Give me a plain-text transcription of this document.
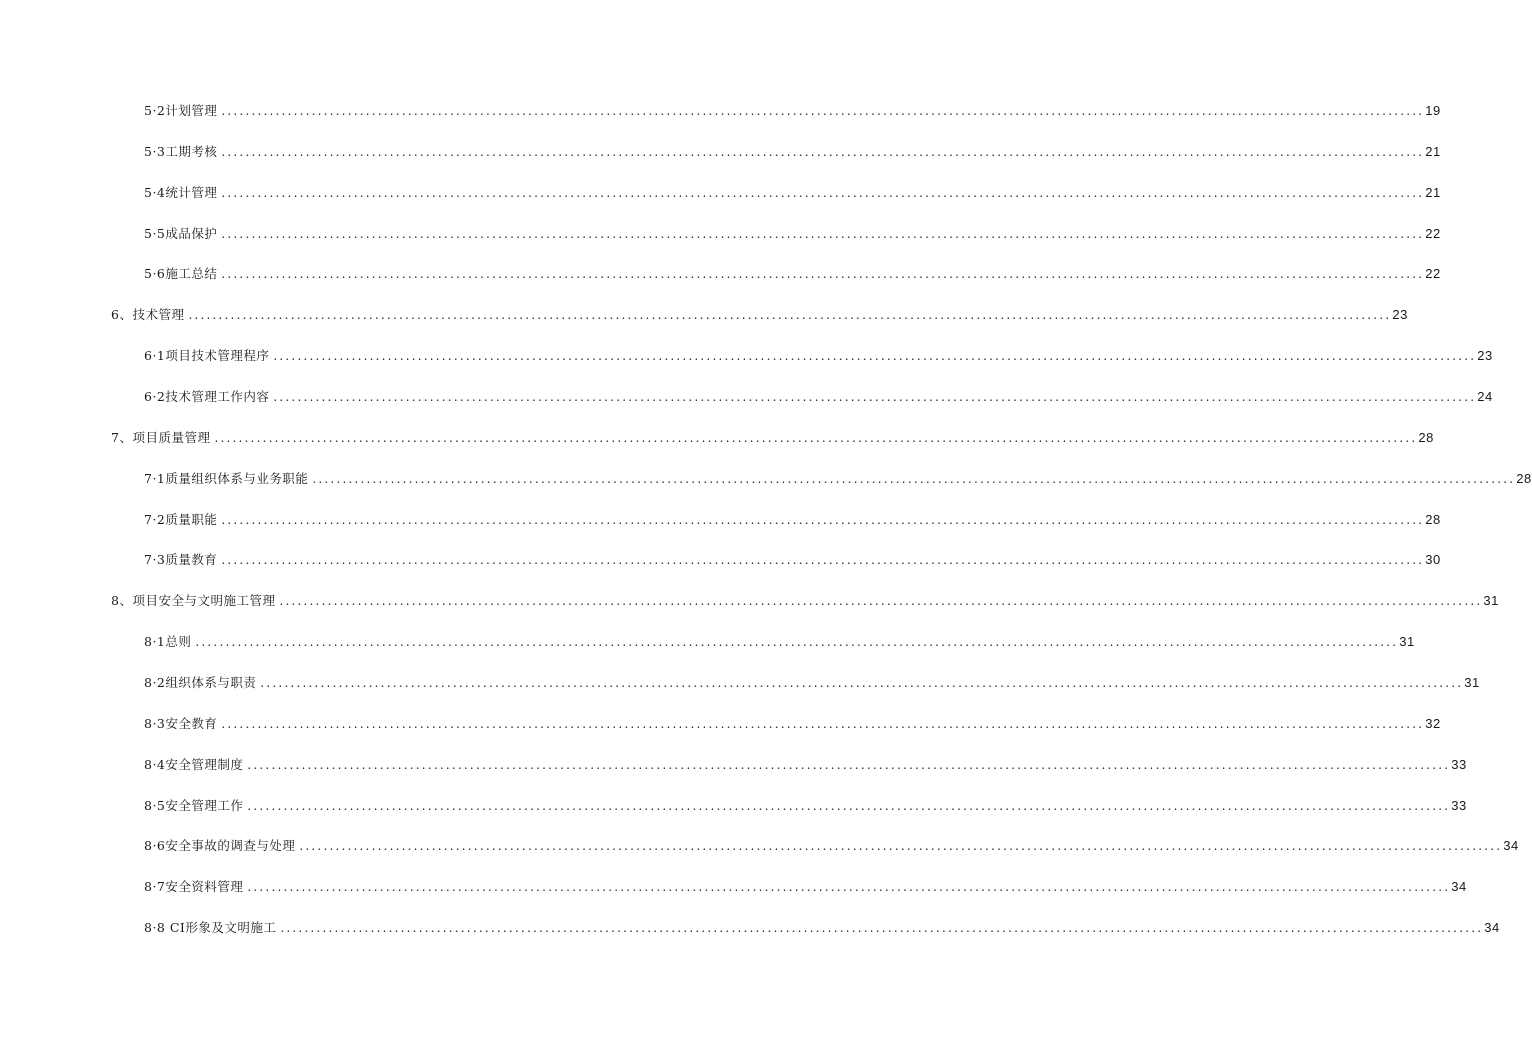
5·2计划管理 ........................................................................................................................................................................................................ 19
5·3工期考核 ........................................................................................................................................................................................................ 21
5·4统计管理 ........................................................................................................................................................................................................ 21
5·5成品保护 ........................................................................................................................................................................................................ 22
5·6施工总结 ........................................................................................................................................................................................................ 22
6、技术管理 ........................................................................................................................................................................................................ 23
6·1项目技术管理程序 ........................................................................................................................................................................................................ 23
6·2技术管理工作内容 ........................................................................................................................................................................................................ 24
7、项目质量管理 ........................................................................................................................................................................................................ 28
7·1质量组织体系与业务职能 ........................................................................................................................................................................................................ 28
7·2质量职能 ........................................................................................................................................................................................................ 28
7·3质量教育 ........................................................................................................................................................................................................ 30
8、项目安全与文明施工管理 ........................................................................................................................................................................................................ 31
8·1总则 ........................................................................................................................................................................................................ 31
8·2组织体系与职责 ........................................................................................................................................................................................................ 31
8·3安全教育 ........................................................................................................................................................................................................ 32
8·4安全管理制度 ........................................................................................................................................................................................................ 33
8·5安全管理工作 ........................................................................................................................................................................................................ 33
8·6安全事故的调查与处理 ........................................................................................................................................................................................................ 34
8·7安全资料管理 ........................................................................................................................................................................................................ 34
8·8 CI形象及文明施工 ........................................................................................................................................................................................................ 34
